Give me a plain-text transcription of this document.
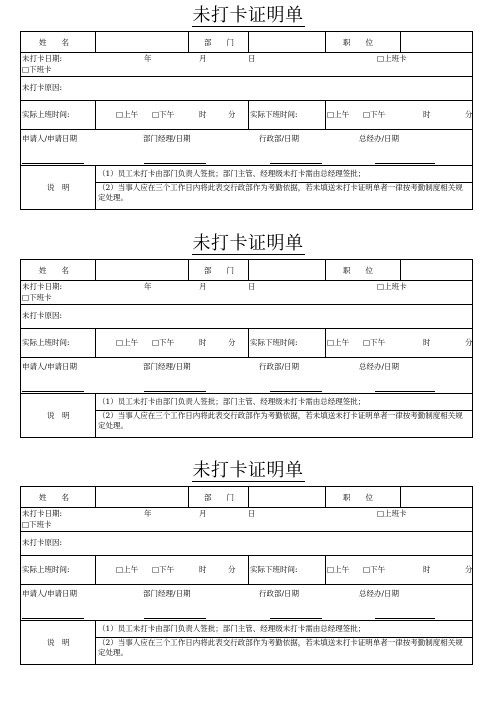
未打卡证明单
姓　　名	部　　门	职　　位
未打卡日期:	年	月	日	□上班卡
□下班卡
未打卡原因:
实际上班时间:	□上午 □下午	时	分 实际下班时间:	□上午 □下午	时	分
申请人/申请日期	部门经理/日期	行政部/日期	总经办/日期
说　明
（1）员工未打卡由部门负责人签批；部门主管、经理级未打卡需由总经理签批；
（2）当事人应在三个工作日内将此表交行政部作为考勤依据，若未填送未打卡证明单者一律按考勤制度相关规定处理。
未打卡证明单
姓　　名	部　　门	职　　位
未打卡日期:	年	月	日	□上班卡
□下班卡
未打卡原因:
实际上班时间:	□上午 □下午	时	分 实际下班时间:	□上午 □下午	时	分
申请人/申请日期	部门经理/日期	行政部/日期	总经办/日期
说　明
（1）员工未打卡由部门负责人签批；部门主管、经理级未打卡需由总经理签批；
（2）当事人应在三个工作日内将此表交行政部作为考勤依据，若未填送未打卡证明单者一律按考勤制度相关规定处理。
未打卡证明单
姓　　名	部　　门	职　　位
未打卡日期:	年	月	日	□上班卡
□下班卡
未打卡原因:
实际上班时间:	□上午 □下午	时	分 实际下班时间:	□上午 □下午	时	分
申请人/申请日期	部门经理/日期	行政部/日期	总经办/日期
说　明
（1）员工未打卡由部门负责人签批；部门主管、经理级未打卡需由总经理签批；
（2）当事人应在三个工作日内将此表交行政部作为考勤依据，若未填送未打卡证明单者一律按考勤制度相关规定处理。
